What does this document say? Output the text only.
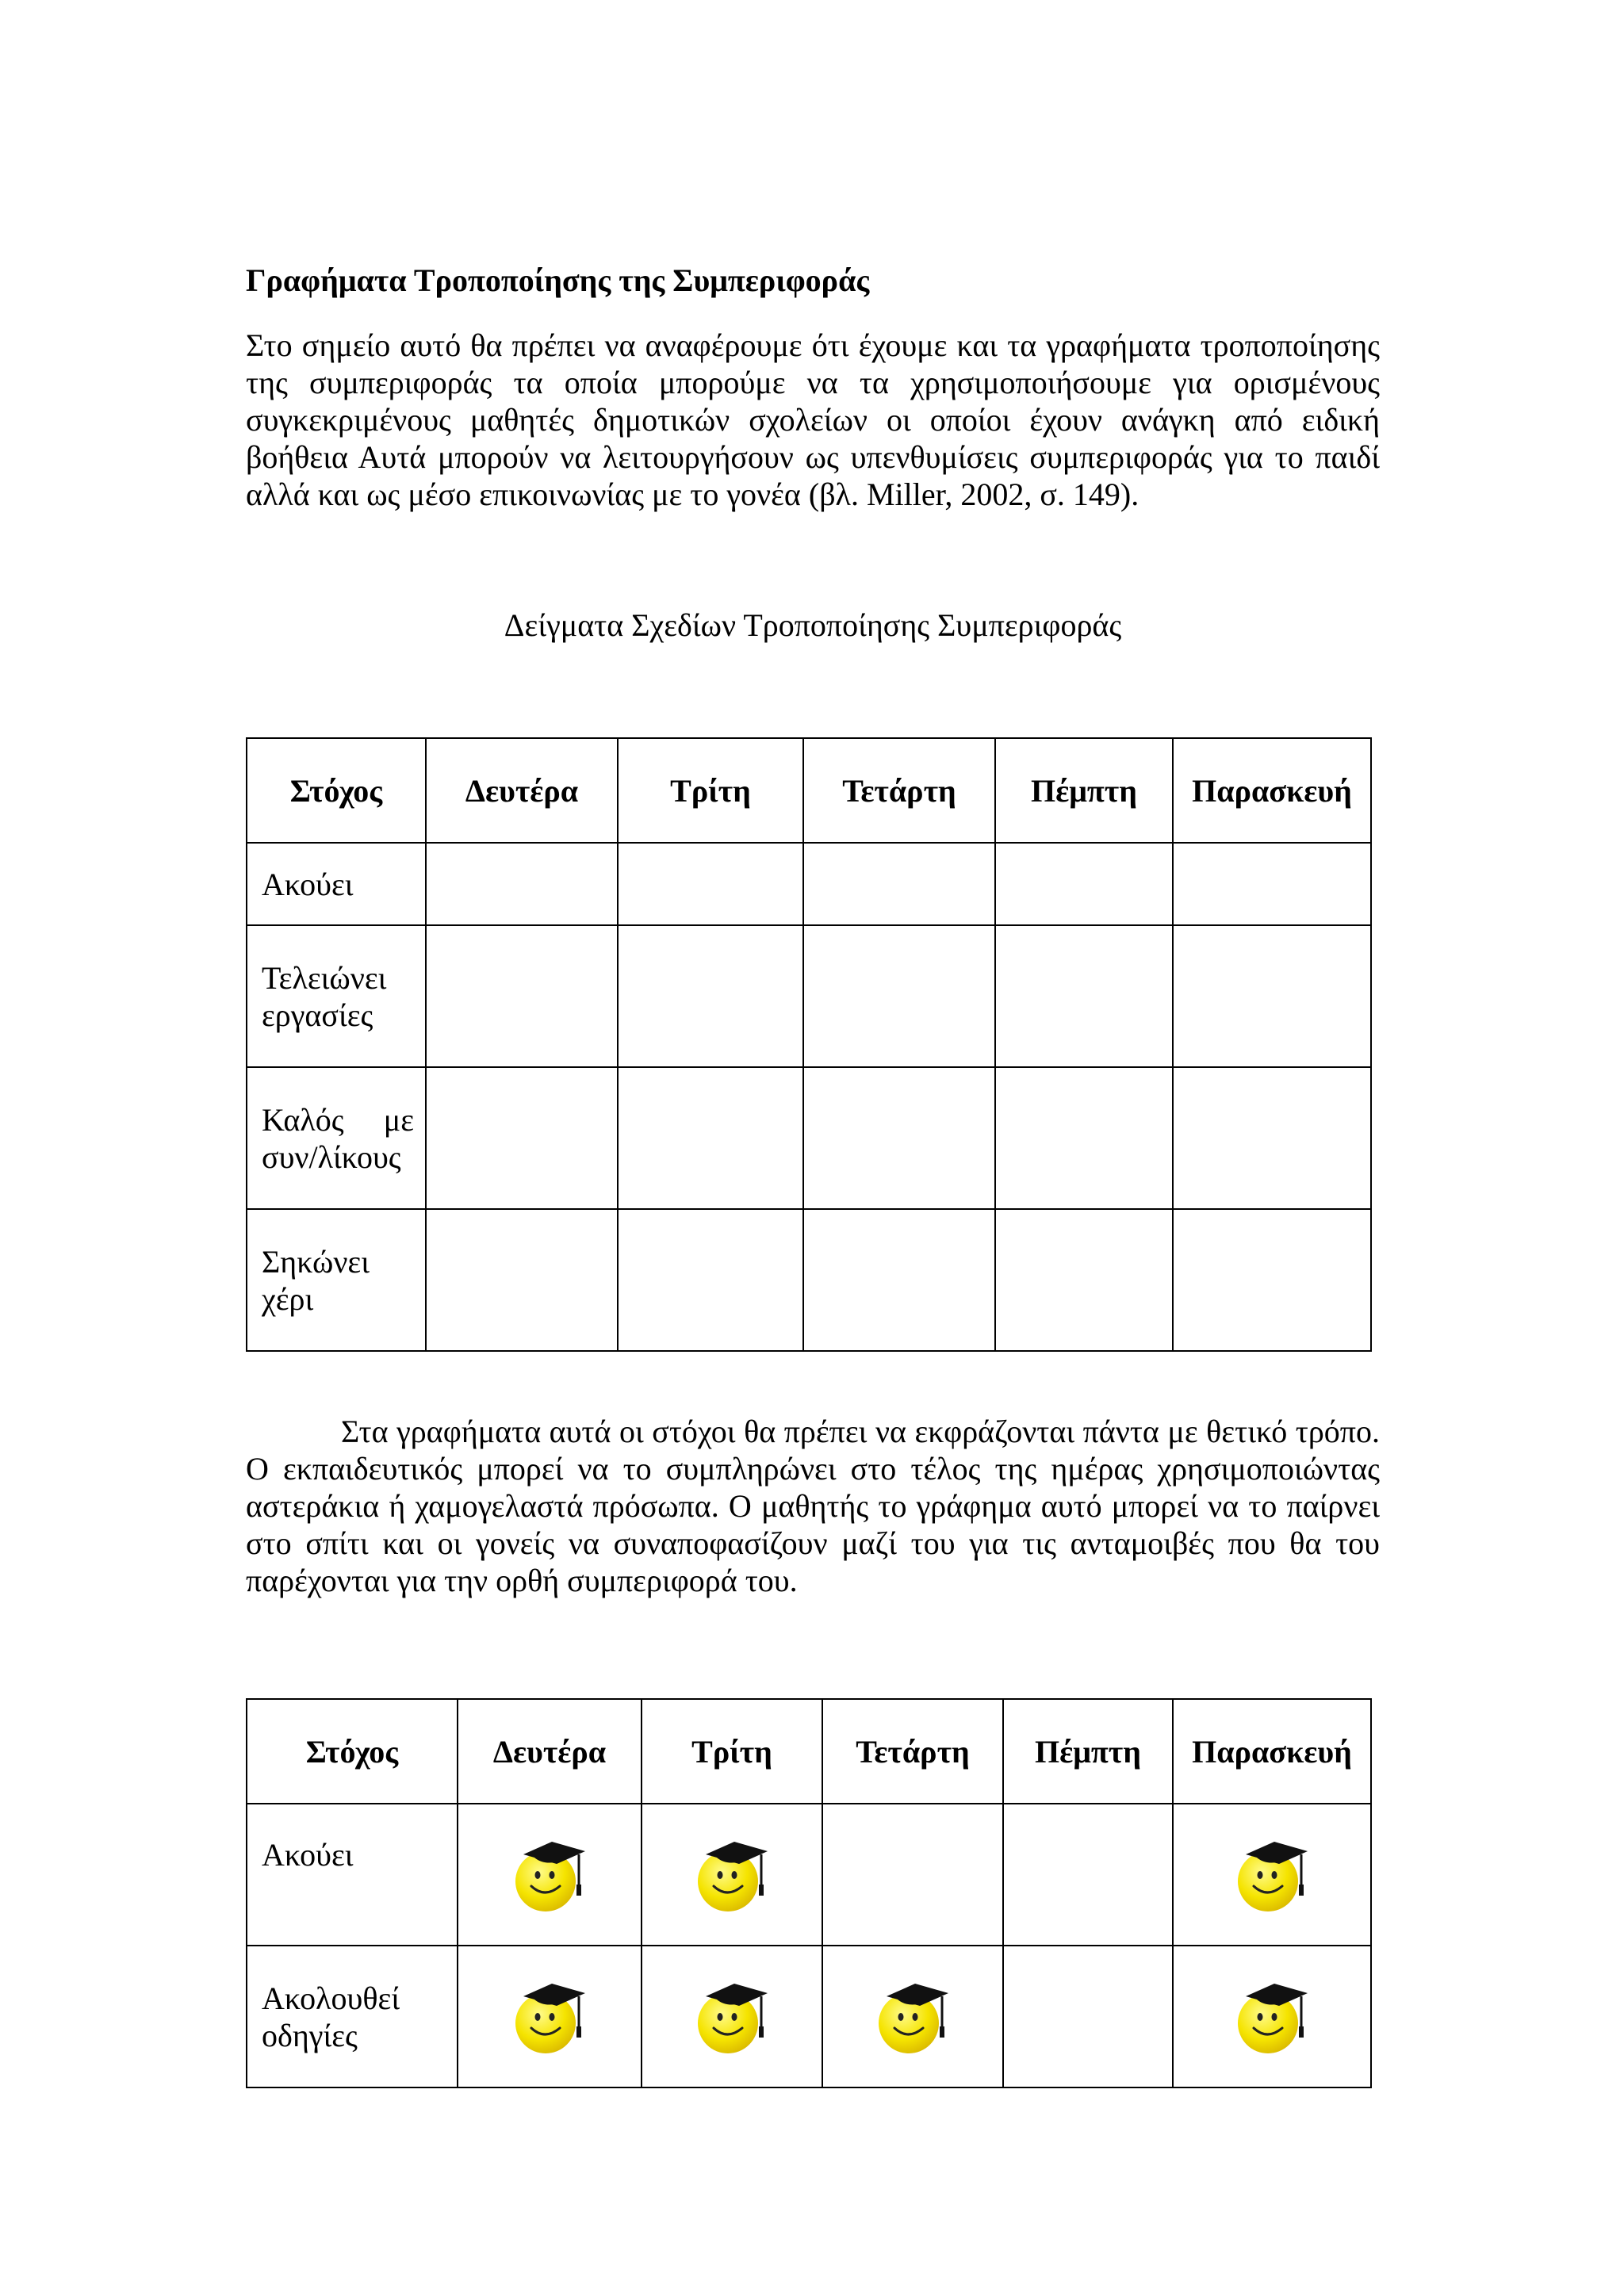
Γραφήματα Τροποποίησης της Συμπεριφοράς

Στο σημείο αυτό θα πρέπει να αναφέρουμε ότι έχουμε και τα γραφήματα τροποποίησης της συμπεριφοράς τα οποία μπορούμε να τα χρησιμοποιήσουμε για ορισμένους συγκεκριμένους μαθητές δημοτικών σχολείων οι οποίοι έχουν ανάγκη από ειδική βοήθεια Αυτά μπορούν να λειτουργήσουν ως υπενθυμίσεις συμπεριφοράς για το παιδί αλλά και ως μέσο επικοινωνίας με το γονέα (βλ. Miller, 2002, σ. 149).

Δείγματα Σχεδίων Τροποποίησης Συμπεριφοράς

Στόχος	Δευτέρα	Τρίτη	Τετάρτη	Πέμπτη	Παρασκευή
Ακούει					

Τελειώνει
εργασίες					

Καλός με
συν/λίκους					

Σηκώνει
χέρι					

Στα γραφήματα αυτά οι στόχοι θα πρέπει να εκφράζονται πάντα με θετικό τρόπο. Ο εκπαιδευτικός μπορεί να το συμπληρώνει στο τέλος της ημέρας χρησιμοποιώντας αστεράκια ή χαμογελαστά πρόσωπα. Ο μαθητής το γράφημα αυτό μπορεί να το παίρνει στο σπίτι και οι γονείς να συναποφασίζουν μαζί του για τις ανταμοιβές που θα του παρέχονται για την ορθή συμπεριφορά του.

Στόχος	Δευτέρα	Τρίτη	Τετάρτη	Πέμπτη	Παρασκευή

Ακούει

Ακολουθεί
οδηγίες
